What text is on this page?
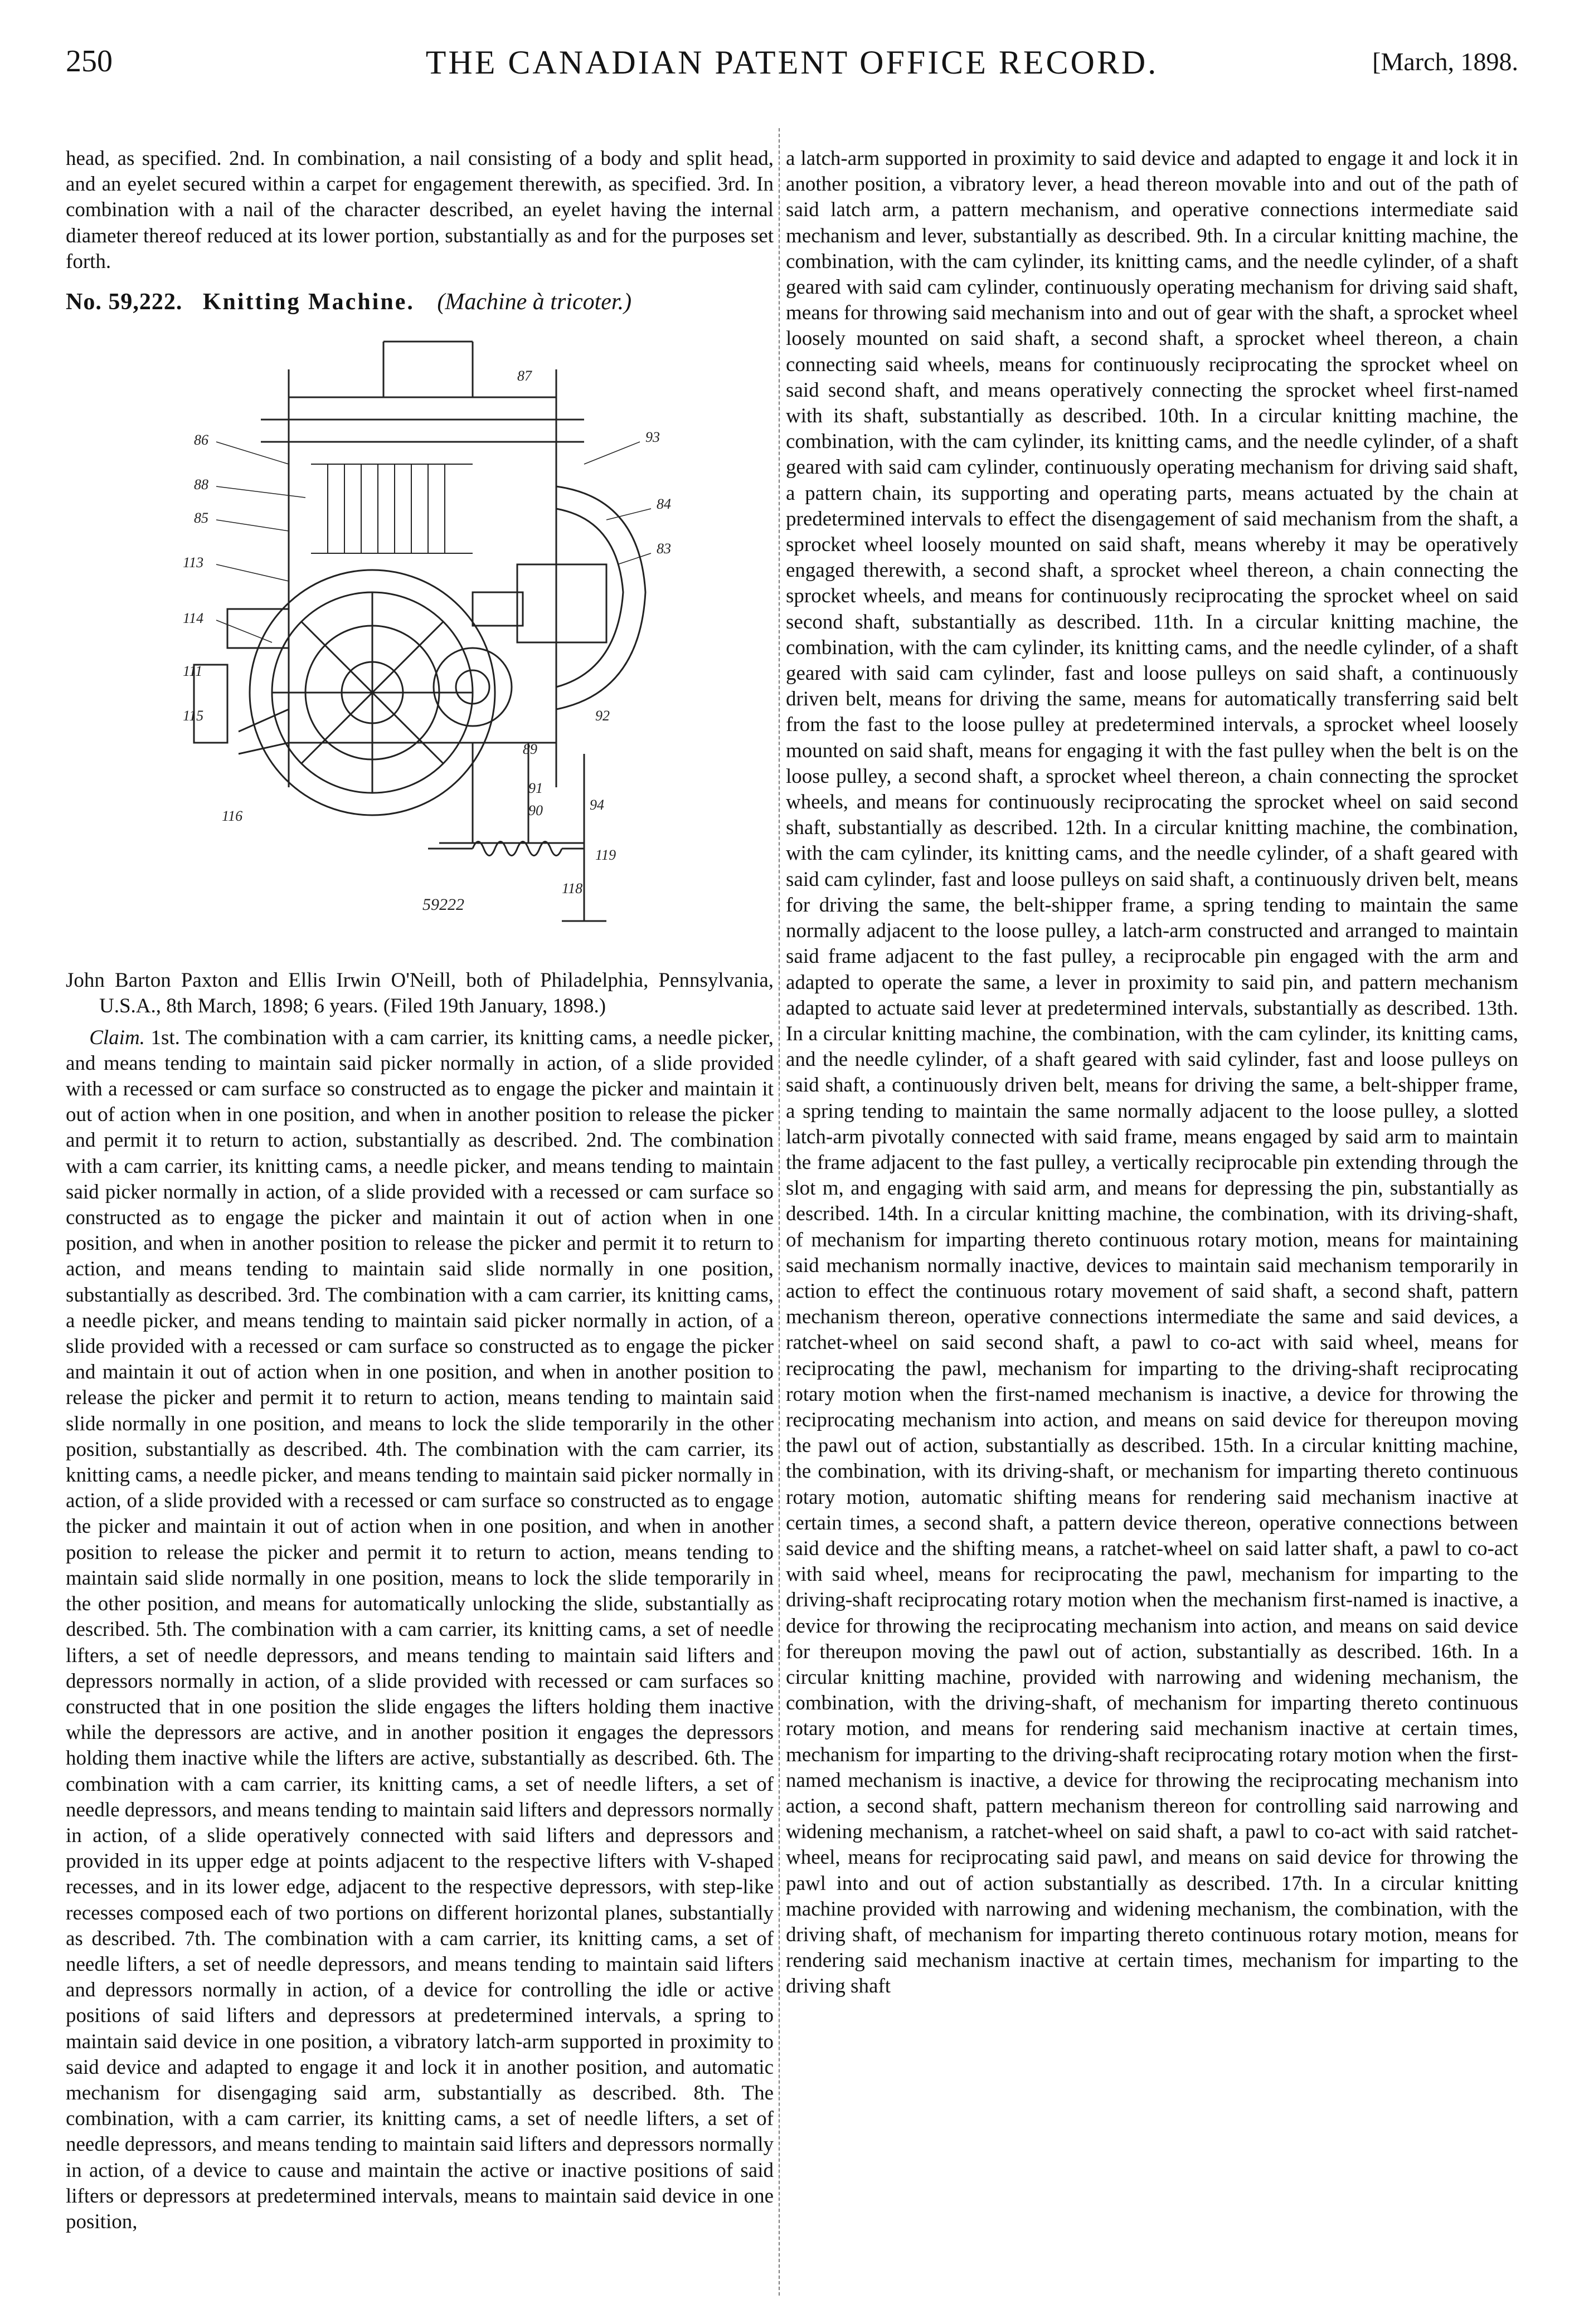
250	THE CANADIAN PATENT OFFICE RECORD.	[March, 1898.

head, as specified. 2nd. In combination, a nail consisting of a body and split head, and an eyelet secured within a carpet for engagement therewith, as specified. 3rd. In combination with a nail of the character described, an eyelet having the internal diameter thereof reduced at its lower portion, substantially as and for the purposes set forth.

No. 59,222. Knitting Machine. (Machine à tricoter.)

87
86	93
84
88
83
85
113
89
92
114
91
90	94
111
115
116
119
118
59222

John Barton Paxton and Ellis Irwin O'Neill, both of Philadelphia, Pennsylvania, U.S.A., 8th March, 1898; 6 years. (Filed 19th January, 1898.)

Claim. 1st. The combination with a cam carrier, its knitting cams, a needle picker, and means tending to maintain said picker normally in action, of a slide provided with a recessed or cam surface so constructed as to engage the picker and maintain it out of action when in one position, and when in another position to release the picker and permit it to return to action, substantially as described. 2nd. The combination with a cam carrier, its knitting cams, a needle picker, and means tending to maintain said picker normally in action, of a slide provided with a recessed or cam surface so constructed as to engage the picker and maintain it out of action when in one position, and when in another position to release the picker and permit it to return to action, and means tending to maintain said slide normally in one position, substantially as described. 3rd. The combination with a cam carrier, its knitting cams, a needle picker, and means tending to maintain said picker normally in action, of a slide provided with a recessed or cam surface so constructed as to engage the picker and maintain it out of action when in one position, and when in another position to release the picker and permit it to return to action, means tending to maintain said slide normally in one position, and means to lock the slide temporarily in the other position, substantially as described. 4th. The combination with the cam carrier, its knitting cams, a needle picker, and means tending to maintain said picker normally in action, of a slide provided with a recessed or cam surface so constructed as to engage the picker and maintain it out of action when in one position, and when in another position to release the picker and permit it to return to action, means tending to maintain said slide normally in one position, means to lock the slide temporarily in the other position, and means for automatically unlocking the slide, substantially as described. 5th. The combination with a cam carrier, its knitting cams, a set of needle lifters, a set of needle depressors, and means tending to maintain said lifters and depressors normally in action, of a slide provided with recessed or cam surfaces so constructed that in one position the slide engages the lifters holding them inactive while the depressors are active, and in another position it engages the depressors holding them inactive while the lifters are active, substantially as described. 6th. The combination with a cam carrier, its knitting cams, a set of needle lifters, a set of needle depressors, and means tending to maintain said lifters and depressors normally in action, of a slide operatively connected with said lifters and depressors and provided in its upper edge at points adjacent to the respective lifters with V-shaped recesses, and in its lower edge, adjacent to the respective depressors, with step-like recesses composed each of two portions on different horizontal planes, substantially as described. 7th. The combination with a cam carrier, its knitting cams, a set of needle lifters, a set of needle depressors, and means tending to maintain said lifters and depressors normally in action, of a device for controlling the idle or active positions of said lifters and depressors at predetermined intervals, a spring to maintain said device in one position, a vibratory latch-arm supported in proximity to said device and adapted to engage it and lock it in another position, and automatic mechanism for disengaging said arm, substantially as described. 8th. The combination, with a cam carrier, its knitting cams, a set of needle lifters, a set of needle depressors, and means tending to maintain said lifters and depressors normally in action, of a device to cause and maintain the active or inactive positions of said lifters or depressors at predetermined intervals, means to maintain said device in one position,

a latch-arm supported in proximity to said device and adapted to engage it and lock it in another position, a vibratory lever, a head thereon movable into and out of the path of said latch arm, a pattern mechanism, and operative connections intermediate said mechanism and lever, substantially as described. 9th. In a circular knitting machine, the combination, with the cam cylinder, its knitting cams, and the needle cylinder, of a shaft geared with said cam cylinder, continuously operating mechanism for driving said shaft, means for throwing said mechanism into and out of gear with the shaft, a sprocket wheel loosely mounted on said shaft, a second shaft, a sprocket wheel thereon, a chain connecting said wheels, means for continuously reciprocating the sprocket wheel on said second shaft, and means operatively connecting the sprocket wheel first-named with its shaft, substantially as described. 10th. In a circular knitting machine, the combination, with the cam cylinder, its knitting cams, and the needle cylinder, of a shaft geared with said cam cylinder, continuously operating mechanism for driving said shaft, a pattern chain, its supporting and operating parts, means actuated by the chain at predetermined intervals to effect the disengagement of said mechanism from the shaft, a sprocket wheel loosely mounted on said shaft, means whereby it may be operatively engaged therewith, a second shaft, a sprocket wheel thereon, a chain connecting the sprocket wheels, and means for continuously reciprocating the sprocket wheel on said second shaft, substantially as described. 11th. In a circular knitting machine, the combination, with the cam cylinder, its knitting cams, and the needle cylinder, of a shaft geared with said cam cylinder, fast and loose pulleys on said shaft, a continuously driven belt, means for driving the same, means for automatically transferring said belt from the fast to the loose pulley at predetermined intervals, a sprocket wheel loosely mounted on said shaft, means for engaging it with the fast pulley when the belt is on the loose pulley, a second shaft, a sprocket wheel thereon, a chain connecting the sprocket wheels, and means for continuously reciprocating the sprocket wheel on said second shaft, substantially as described. 12th. In a circular knitting machine, the combination, with the cam cylinder, its knitting cams, and the needle cylinder, of a shaft geared with said cam cylinder, fast and loose pulleys on said shaft, a continuously driven belt, means for driving the same, the belt-shipper frame, a spring tending to maintain the same normally adjacent to the loose pulley, a latch-arm constructed and arranged to maintain said frame adjacent to the fast pulley, a reciprocable pin engaged with the arm and adapted to operate the same, a lever in proximity to said pin, and pattern mechanism adapted to actuate said lever at predetermined intervals, substantially as described. 13th. In a circular knitting machine, the combination, with the cam cylinder, its knitting cams, and the needle cylinder, of a shaft geared with said cylinder, fast and loose pulleys on said shaft, a continuously driven belt, means for driving the same, a belt-shipper frame, a spring tending to maintain the same normally adjacent to the loose pulley, a slotted latch-arm pivotally connected with said frame, means engaged by said arm to maintain the frame adjacent to the fast pulley, a vertically reciprocable pin extending through the slot m, and engaging with said arm, and means for depressing the pin, substantially as described. 14th. In a circular knitting machine, the combination, with its driving-shaft, of mechanism for imparting thereto continuous rotary motion, means for maintaining said mechanism normally inactive, devices to maintain said mechanism temporarily in action to effect the continuous rotary movement of said shaft, a second shaft, pattern mechanism thereon, operative connections intermediate the same and said devices, a ratchet-wheel on said second shaft, a pawl to co-act with said wheel, means for reciprocating the pawl, mechanism for imparting to the driving-shaft reciprocating rotary motion when the first-named mechanism is inactive, a device for throwing the reciprocating mechanism into action, and means on said device for thereupon moving the pawl out of action, substantially as described. 15th. In a circular knitting machine, the combination, with its driving-shaft, or mechanism for imparting thereto continuous rotary motion, automatic shifting means for rendering said mechanism inactive at certain times, a second shaft, a pattern device thereon, operative connections between said device and the shifting means, a ratchet-wheel on said latter shaft, a pawl to co-act with said wheel, means for reciprocating the pawl, mechanism for imparting to the driving-shaft reciprocating rotary motion when the mechanism first-named is inactive, a device for throwing the reciprocating mechanism into action, and means on said device for thereupon moving the pawl out of action, substantially as described. 16th. In a circular knitting machine, provided with narrowing and widening mechanism, the combination, with the driving-shaft, of mechanism for imparting thereto continuous rotary motion, and means for rendering said mechanism inactive at certain times, mechanism for imparting to the driving-shaft reciprocating rotary motion when the first-named mechanism is inactive, a device for throwing the reciprocating mechanism into action, a second shaft, pattern mechanism thereon for controlling said narrowing and widening mechanism, a ratchet-wheel on said shaft, a pawl to co-act with said ratchet-wheel, means for reciprocating said pawl, and means on said device for throwing the pawl into and out of action substantially as described. 17th. In a circular knitting machine provided with narrowing and widening mechanism, the combination, with the driving shaft, of mechanism for imparting thereto continuous rotary motion, means for rendering said mechanism inactive at certain times, mechanism for imparting to the driving shaft
